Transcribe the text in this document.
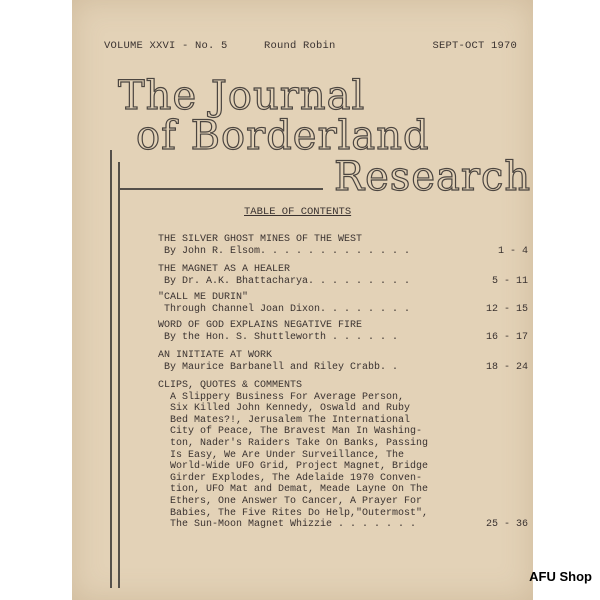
VOLUME XXVI - No. 5	Round Robin	SEPT-OCT 1970
The Journal
of Borderland
Research
TABLE OF CONTENTS
THE SILVER GHOST MINES OF THE WEST
By John R. Elsom. . . . . . . . . . . . .	1 - 4
THE MAGNET AS A HEALER
By Dr. A.K. Bhattacharya. . . . . . . . .	5 - 11
"CALL ME DURIN"
Through Channel Joan Dixon. . . . . . . .	12 - 15
WORD OF GOD EXPLAINS NEGATIVE FIRE
By the Hon. S. Shuttleworth . . . . . .	16 - 17
AN INITIATE AT WORK
By Maurice Barbanell and Riley Crabb. .	18 - 24
CLIPS, QUOTES & COMMENTS
A Slippery Business For Average Person,
Six Killed John Kennedy, Oswald and Ruby
Bed Mates?!, Jerusalem The International
City of Peace, The Bravest Man In Washing-
ton, Nader's Raiders Take On Banks, Passing
Is Easy, We Are Under Surveillance, The
World-Wide UFO Grid, Project Magnet, Bridge
Girder Explodes, The Adelaide 1970 Conven-
tion, UFO Mat and Demat, Meade Layne On The
Ethers, One Answer To Cancer, A Prayer For
Babies, The Five Rites Do Help,"Outermost",
The Sun-Moon Magnet Whizzie . . . . . . .	25 - 36
AFU Shop
